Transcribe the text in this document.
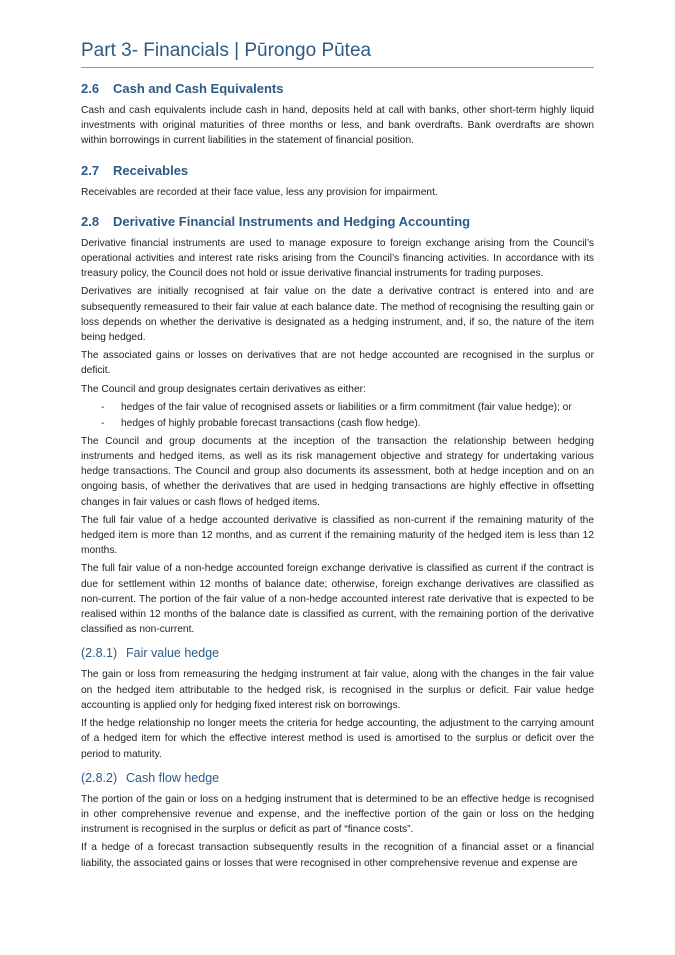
Part 3- Financials | Pūrongo Pūtea
2.6 Cash and Cash Equivalents

Cash and cash equivalents include cash in hand, deposits held at call with banks, other short-term highly liquid investments with original maturities of three months or less, and bank overdrafts. Bank overdrafts are shown within borrowings in current liabilities in the statement of financial position.

2.7 Receivables

Receivables are recorded at their face value, less any provision for impairment.

2.8 Derivative Financial Instruments and Hedging Accounting

Derivative financial instruments are used to manage exposure to foreign exchange arising from the Council’s operational activities and interest rate risks arising from the Council’s financing activities. In accordance with its treasury policy, the Council does not hold or issue derivative financial instruments for trading purposes.

Derivatives are initially recognised at fair value on the date a derivative contract is entered into and are subsequently remeasured to their fair value at each balance date. The method of recognising the resulting gain or loss depends on whether the derivative is designated as a hedging instrument, and, if so, the nature of the item being hedged.

The associated gains or losses on derivatives that are not hedge accounted are recognised in the surplus or deficit.

The Council and group designates certain derivatives as either:

- hedges of the fair value of recognised assets or liabilities or a firm commitment (fair value hedge); or
- hedges of highly probable forecast transactions (cash flow hedge).

The Council and group documents at the inception of the transaction the relationship between hedging instruments and hedged items, as well as its risk management objective and strategy for undertaking various hedge transactions. The Council and group also documents its assessment, both at hedge inception and on an ongoing basis, of whether the derivatives that are used in hedging transactions are highly effective in offsetting changes in fair values or cash flows of hedged items.

The full fair value of a hedge accounted derivative is classified as non-current if the remaining maturity of the hedged item is more than 12 months, and as current if the remaining maturity of the hedged item is less than 12 months.

The full fair value of a non-hedge accounted foreign exchange derivative is classified as current if the contract is due for settlement within 12 months of balance date; otherwise, foreign exchange derivatives are classified as non-current. The portion of the fair value of a non-hedge accounted interest rate derivative that is expected to be realised within 12 months of the balance date is classified as current, with the remaining portion of the derivative classified as non-current.

(2.8.1) Fair value hedge

The gain or loss from remeasuring the hedging instrument at fair value, along with the changes in the fair value on the hedged item attributable to the hedged risk, is recognised in the surplus or deficit. Fair value hedge accounting is applied only for hedging fixed interest risk on borrowings.

If the hedge relationship no longer meets the criteria for hedge accounting, the adjustment to the carrying amount of a hedged item for which the effective interest method is used is amortised to the surplus or deficit over the period to maturity.

(2.8.2) Cash flow hedge

The portion of the gain or loss on a hedging instrument that is determined to be an effective hedge is recognised in other comprehensive revenue and expense, and the ineffective portion of the gain or loss on the hedging instrument is recognised in the surplus or deficit as part of “finance costs”.

If a hedge of a forecast transaction subsequently results in the recognition of a financial asset or a financial liability, the associated gains or losses that were recognised in other comprehensive revenue and expense are
